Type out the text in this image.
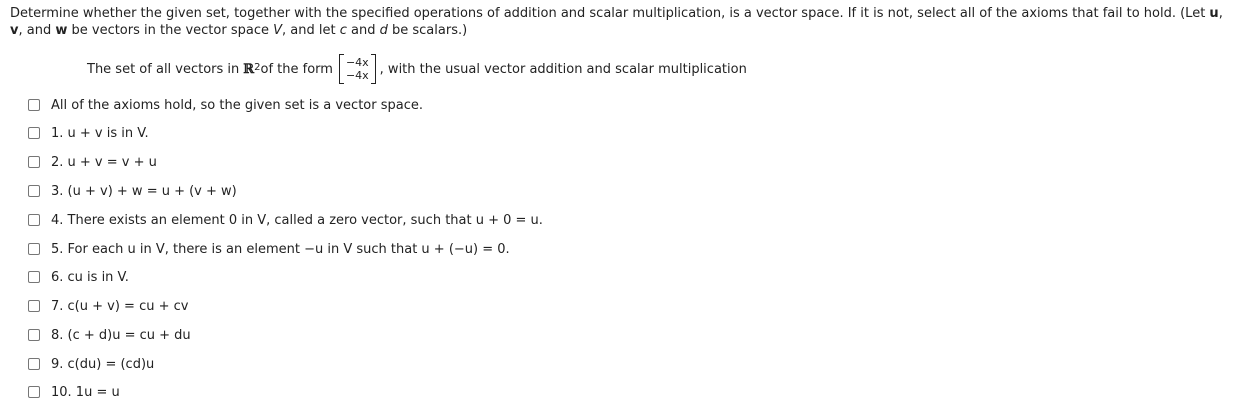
Determine whether the given set, together with the specified operations of addition and scalar multiplication, is a vector space. If it is not, select all of the axioms that fail to hold. (Let u, v, and w be vectors in the vector space V, and let c and d be scalars.)
The set of all vectors in ℝ$^2$ of the form −4x
−4x , with the usual vector addition and scalar multiplication
All of the axioms hold, so the given set is a vector space.
1. u + v is in V.
2. u + v = v + u
3. (u + v) + w = u + (v + w)
4. There exists an element 0 in V, called a zero vector, such that u + 0 = u.
5. For each u in V, there is an element −u in V such that u + (−u) = 0.
6. cu is in V.
7. c(u + v) = cu + cv
8. (c + d)u = cu + du
9. c(du) = (cd)u
10. 1u = u
